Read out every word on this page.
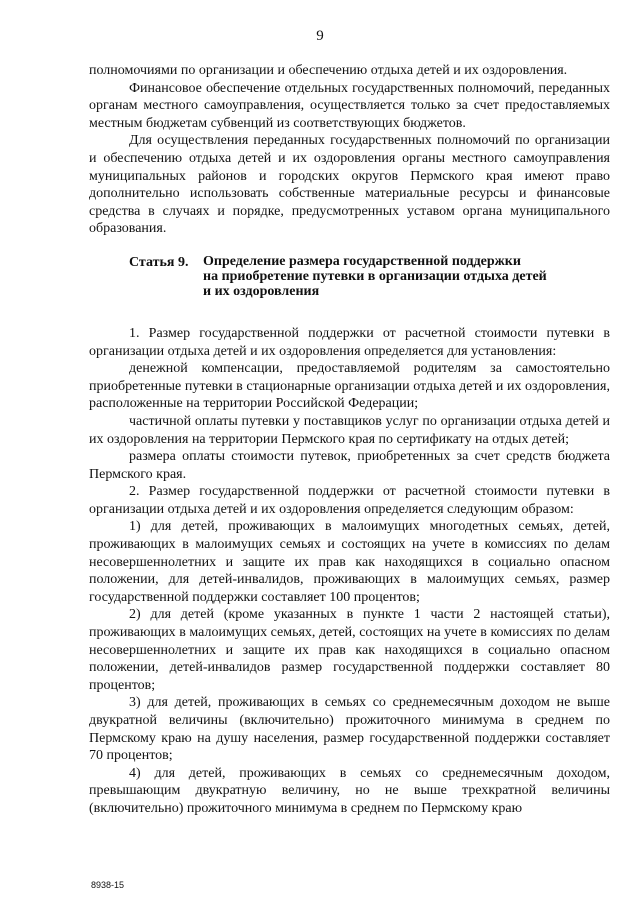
9

полномочиями по организации и обеспечению отдыха детей и их оздоровления.

Финансовое обеспечение отдельных государственных полномочий, переданных органам местного самоуправления, осуществляется только за счет предоставляемых местным бюджетам субвенций из соответствующих бюджетов.

Для осуществления переданных государственных полномочий по организации и обеспечению отдыха детей и их оздоровления органы местного самоуправления муниципальных районов и городских округов Пермского края имеют право дополнительно использовать собственные материальные ресурсы и финансовые средства в случаях и порядке, предусмотренных уставом органа муниципального образования.

Статья 9.	Определение размера государственной поддержки
на приобретение путевки в организации отдыха детей
и их оздоровления

1. Размер государственной поддержки от расчетной стоимости путевки в организации отдыха детей и их оздоровления определяется для установления:

денежной компенсации, предоставляемой родителям за самостоятельно приобретенные путевки в стационарные организации отдыха детей и их оздоровления, расположенные на территории Российской Федерации;

частичной оплаты путевки у поставщиков услуг по организации отдыха детей и их оздоровления на территории Пермского края по сертификату на отдых детей;

размера оплаты стоимости путевок, приобретенных за счет средств бюджета Пермского края.

2. Размер государственной поддержки от расчетной стоимости путевки в организации отдыха детей и их оздоровления определяется следующим образом:

1) для детей, проживающих в малоимущих многодетных семьях, детей, проживающих в малоимущих семьях и состоящих на учете в комиссиях по делам несовершеннолетних и защите их прав как находящихся в социально опасном положении, для детей-инвалидов, проживающих в малоимущих семьях, размер государственной поддержки составляет 100 процентов;

2) для детей (кроме указанных в пункте 1 части 2 настоящей статьи), проживающих в малоимущих семьях, детей, состоящих на учете в комиссиях по делам несовершеннолетних и защите их прав как находящихся в социально опасном положении, детей-инвалидов размер государственной поддержки составляет 80 процентов;

3) для детей, проживающих в семьях со среднемесячным доходом не выше двукратной величины (включительно) прожиточного минимума в среднем по Пермскому краю на душу населения, размер государственной поддержки составляет 70 процентов;

4) для детей, проживающих в семьях со среднемесячным доходом, превышающим двукратную величину, но не выше трехкратной величины (включительно) прожиточного минимума в среднем по Пермскому краю

8938-15
